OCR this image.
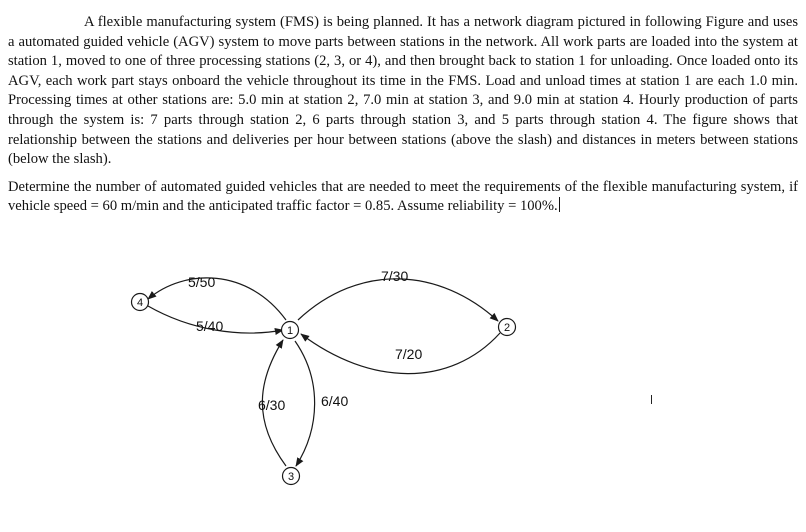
A flexible manufacturing system (FMS) is being planned. It has a network diagram pictured in following Figure and uses a automated guided vehicle (AGV) system to move parts between stations in the network. All work parts are loaded into the system at station 1, moved to one of three processing stations (2, 3, or 4), and then brought back to station 1 for unloading. Once loaded onto its AGV, each work part stays onboard the vehicle throughout its time in the FMS. Load and unload times at station 1 are each 1.0 min. Processing times at other stations are: 5.0 min at station 2, 7.0 min at station 3, and 9.0 min at station 4. Hourly production of parts through the system is: 7 parts through station 2, 6 parts through station 3, and 5 parts through station 4. The figure shows that relationship between the stations and deliveries per hour between stations (above the slash) and distances in meters between stations (below the slash).

Determine the number of automated guided vehicles that are needed to meet the requirements of the flexible manufacturing system, if vehicle speed = 60 m/min and the anticipated traffic factor = 0.85. Assume reliability = 100%.

4
1	2
3
5/50
5/40
7/30
7/20
6/30	6/40
